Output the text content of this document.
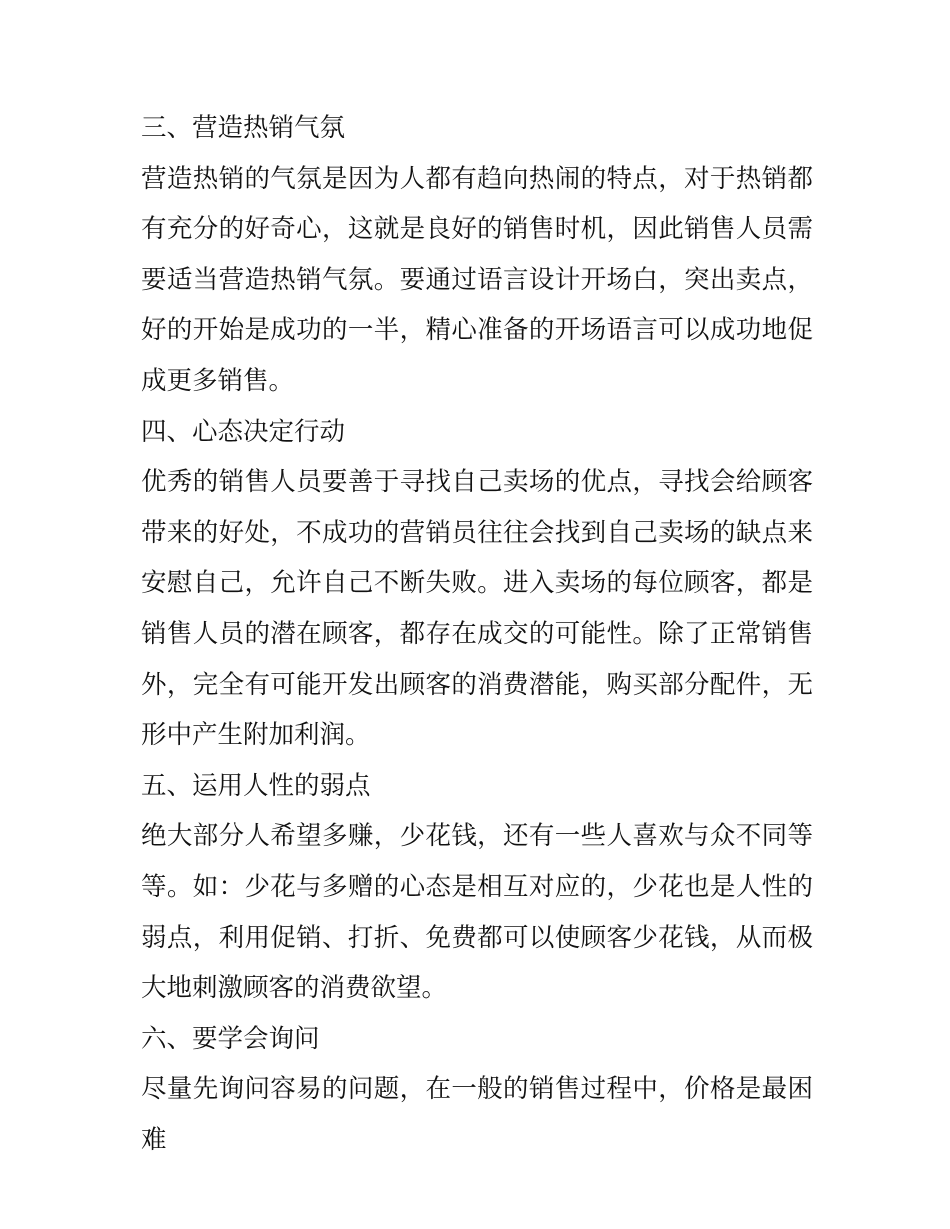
三、营造热销气氛

营造热销的气氛是因为人都有趋向热闹的特点，对于热销都有充分的好奇心，这就是良好的销售时机，因此销售人员需要适当营造热销气氛。要通过语言设计开场白，突出卖点，好的开始是成功的一半，精心准备的开场语言可以成功地促成更多销售。

四、心态决定行动

优秀的销售人员要善于寻找自己卖场的优点，寻找会给顾客带来的好处，不成功的营销员往往会找到自己卖场的缺点来安慰自己，允许自己不断失败。进入卖场的每位顾客，都是销售人员的潜在顾客，都存在成交的可能性。除了正常销售外，完全有可能开发出顾客的消费潜能，购买部分配件，无形中产生附加利润。

五、运用人性的弱点

绝大部分人希望多赚，少花钱，还有一些人喜欢与众不同等等。如：少花与多赠的心态是相互对应的，少花也是人性的弱点，利用促销、打折、免费都可以使顾客少花钱，从而极大地刺激顾客的消费欲望。

六、要学会询问

尽量先询问容易的问题，在一般的销售过程中，价格是最困难
